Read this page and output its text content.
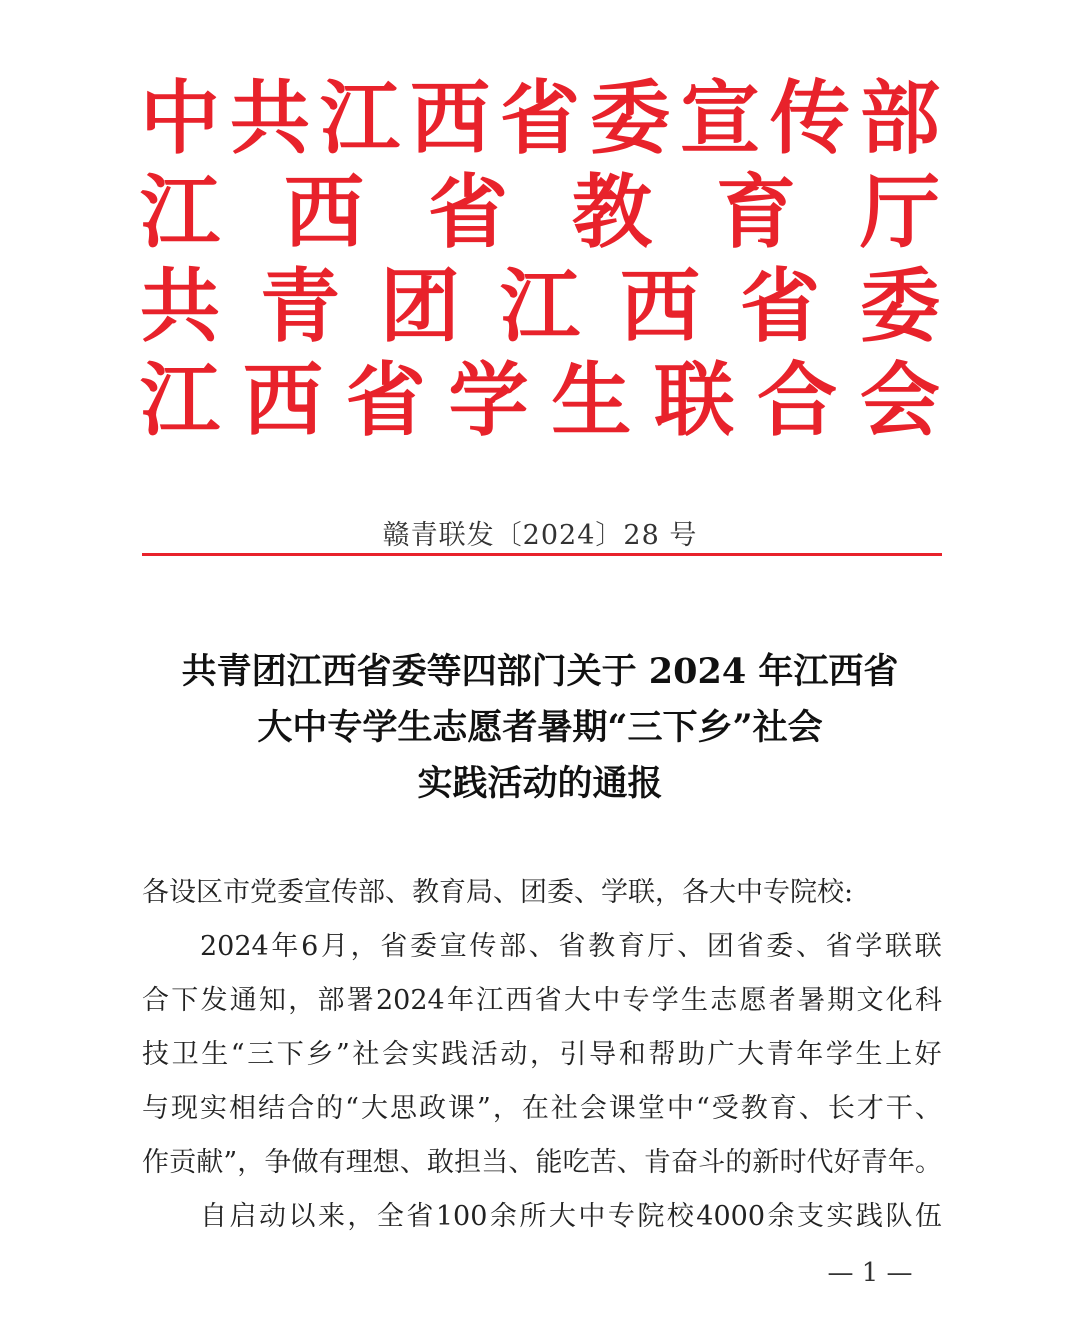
中 共 江 西 省 委 宣 传 部
江 西 省 教 育 厅
共 青 团 江 西 省 委
江 西 省 学 生 联 合 会
赣青联发〔2024〕28 号
共青团江西省委等四部门关于 2024 年江西省
大中专学生志愿者暑期“三下乡”社会
实践活动的通报
各设区市党委宣传部、教育局、团委、学联，各大中专院校:
2024 年 6 月 ， 省 委 宣 传 部 、 省 教 育 厅 、 团 省 委 、 省 学 联 联
合 下 发 通 知 ， 部 署 2024 年 江 西 省 大 中 专 学 生 志 愿 者 暑 期 文 化 科
技 卫 生 “ 三 下 乡 ” 社 会 实 践 活 动 ， 引 导 和 帮 助 广 大 青 年 学 生 上 好
与 现 实 相 结 合 的 “ 大 思 政 课 ” ， 在 社 会 课 堂 中 “ 受 教 育 、 长 才 干 、
作 贡 献 ” ， 争 做 有 理 想 、 敢 担 当 、 能 吃 苦 、 肯 奋 斗 的 新 时 代 好 青 年 。
自 启 动 以 来 ， 全 省 100 余 所 大 中 专 院 校 4000 余 支 实 践 队 伍
— 1 —
